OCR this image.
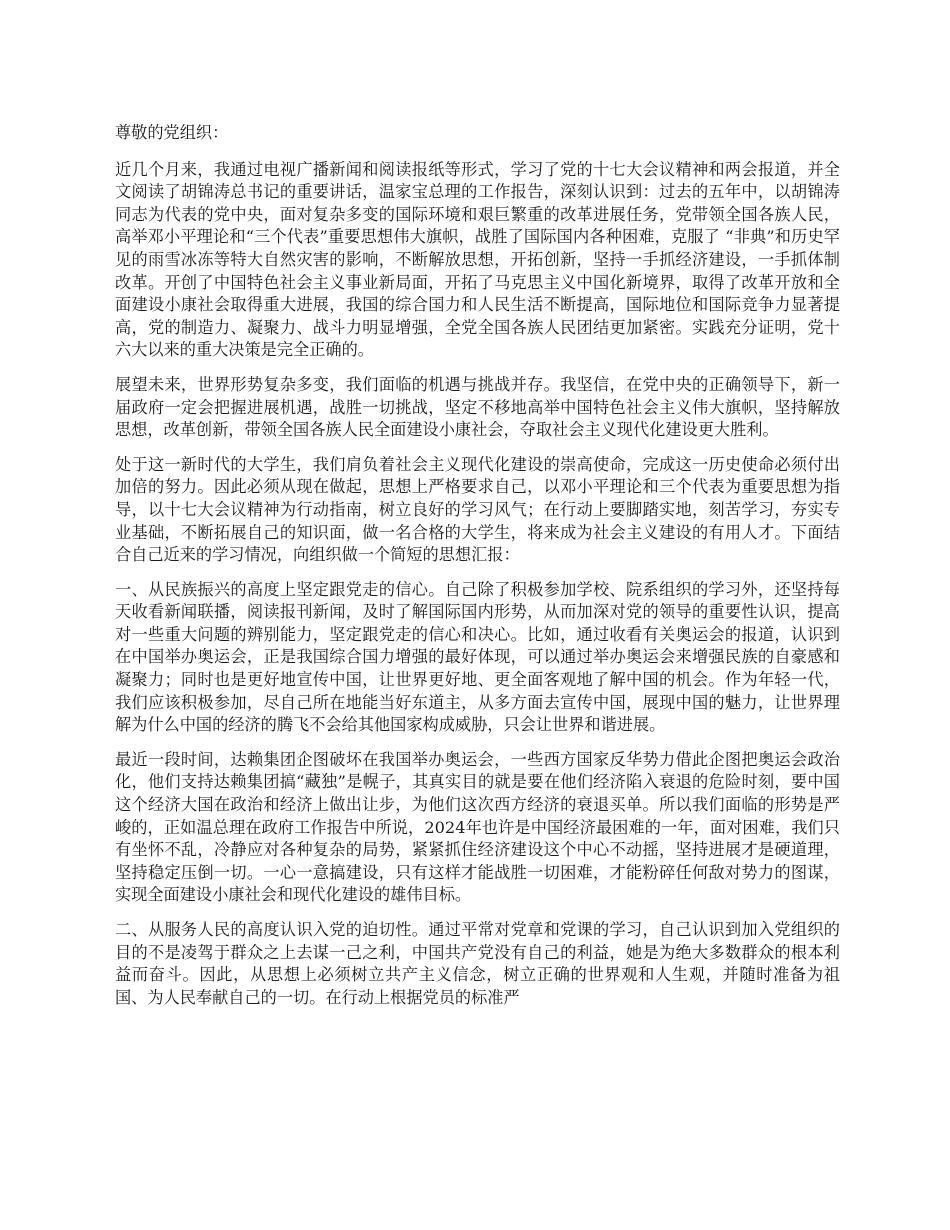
尊敬的党组织：

近几个月来，我通过电视广播新闻和阅读报纸等形式，学习了党的十七大会议精神和两会报道，并全文阅读了胡锦涛总书记的重要讲话，温家宝总理的工作报告，深刻认识到：过去的五年中，以胡锦涛同志为代表的党中央，面对复杂多变的国际环境和艰巨繁重的改革进展任务，党带领全国各族人民，高举邓小平理论和“三个代表”重要思想伟大旗帜，战胜了国际国内各种困难，克服了 “非典”和历史罕见的雨雪冰冻等特大自然灾害的影响，不断解放思想，开拓创新，坚持一手抓经济建设，一手抓体制改革。开创了中国特色社会主义事业新局面，开拓了马克思主义中国化新境界，取得了改革开放和全面建设小康社会取得重大进展，我国的综合国力和人民生活不断提高，国际地位和国际竞争力显著提高，党的制造力、凝聚力、战斗力明显增强，全党全国各族人民团结更加紧密。实践充分证明，党十六大以来的重大决策是完全正确的。

展望未来，世界形势复杂多变，我们面临的机遇与挑战并存。我坚信，在党中央的正确领导下，新一届政府一定会把握进展机遇，战胜一切挑战，坚定不移地高举中国特色社会主义伟大旗帜，坚持解放思想，改革创新，带领全国各族人民全面建设小康社会，夺取社会主义现代化建设更大胜利。

处于这一新时代的大学生，我们肩负着社会主义现代化建设的崇高使命，完成这一历史使命必须付出加倍的努力。因此必须从现在做起，思想上严格要求自己，以邓小平理论和三个代表为重要思想为指导，以十七大会议精神为行动指南，树立良好的学习风气；在行动上要脚踏实地，刻苦学习，夯实专业基础，不断拓展自己的知识面，做一名合格的大学生，将来成为社会主义建设的有用人才。下面结合自己近来的学习情况，向组织做一个简短的思想汇报：

一、从民族振兴的高度上坚定跟党走的信心。自己除了积极参加学校、院系组织的学习外，还坚持每天收看新闻联播，阅读报刊新闻，及时了解国际国内形势，从而加深对党的领导的重要性认识，提高对一些重大问题的辨别能力，坚定跟党走的信心和决心。比如，通过收看有关奥运会的报道，认识到在中国举办奥运会，正是我国综合国力增强的最好体现，可以通过举办奥运会来增强民族的自豪感和凝聚力；同时也是更好地宣传中国，让世界更好地、更全面客观地了解中国的机会。作为年轻一代，我们应该积极参加，尽自己所在地能当好东道主，从多方面去宣传中国，展现中国的魅力，让世界理解为什么中国的经济的腾飞不会给其他国家构成威胁，只会让世界和谐进展。

最近一段时间，达赖集团企图破坏在我国举办奥运会，一些西方国家反华势力借此企图把奥运会政治化，他们支持达赖集团搞“藏独”是幌子，其真实目的就是要在他们经济陷入衰退的危险时刻，要中国这个经济大国在政治和经济上做出让步，为他们这次西方经济的衰退买单。所以我们面临的形势是严峻的，正如温总理在政府工作报告中所说，2024年也许是中国经济最困难的一年，面对困难，我们只有坐怀不乱，冷静应对各种复杂的局势，紧紧抓住经济建设这个中心不动摇，坚持进展才是硬道理，坚持稳定压倒一切。一心一意搞建设，只有这样才能战胜一切困难，才能粉碎任何敌对势力的图谋，实现全面建设小康社会和现代化建设的雄伟目标。

二、从服务人民的高度认识入党的迫切性。通过平常对党章和党课的学习，自己认识到加入党组织的目的不是凌驾于群众之上去谋一己之利，中国共产党没有自己的利益，她是为绝大多数群众的根本利益而奋斗。因此，从思想上必须树立共产主义信念，树立正确的世界观和人生观，并随时准备为祖国、为人民奉献自己的一切。在行动上根据党员的标准严
